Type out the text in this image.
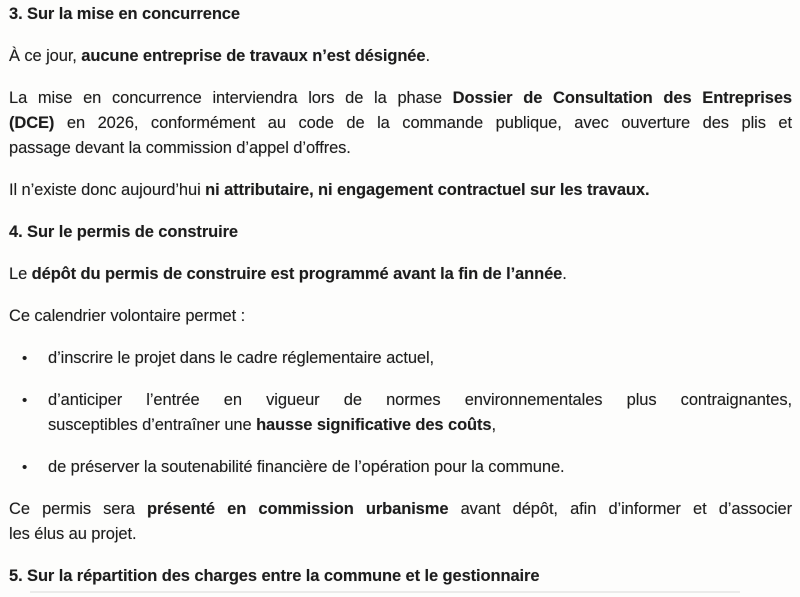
3. Sur la mise en concurrence
À ce jour, aucune entreprise de travaux n’est désignée.
La mise en concurrence interviendra lors de la phase Dossier de Consultation des Entreprises
(DCE) en 2026, conformément au code de la commande publique, avec ouverture des plis et
passage devant la commission d’appel d’offres.
Il n’existe donc aujourd’hui ni attributaire, ni engagement contractuel sur les travaux.
4. Sur le permis de construire
Le dépôt du permis de construire est programmé avant la fin de l’année.
Ce calendrier volontaire permet :
• d’inscrire le projet dans le cadre réglementaire actuel,
• d’anticiper l’entrée en vigueur de normes environnementales plus contraignantes,
susceptibles d’entraîner une hausse significative des coûts,
• de préserver la soutenabilité financière de l’opération pour la commune.
Ce permis sera présenté en commission urbanisme avant dépôt, afin d’informer et d’associer
les élus au projet.
5. Sur la répartition des charges entre la commune et le gestionnaire
